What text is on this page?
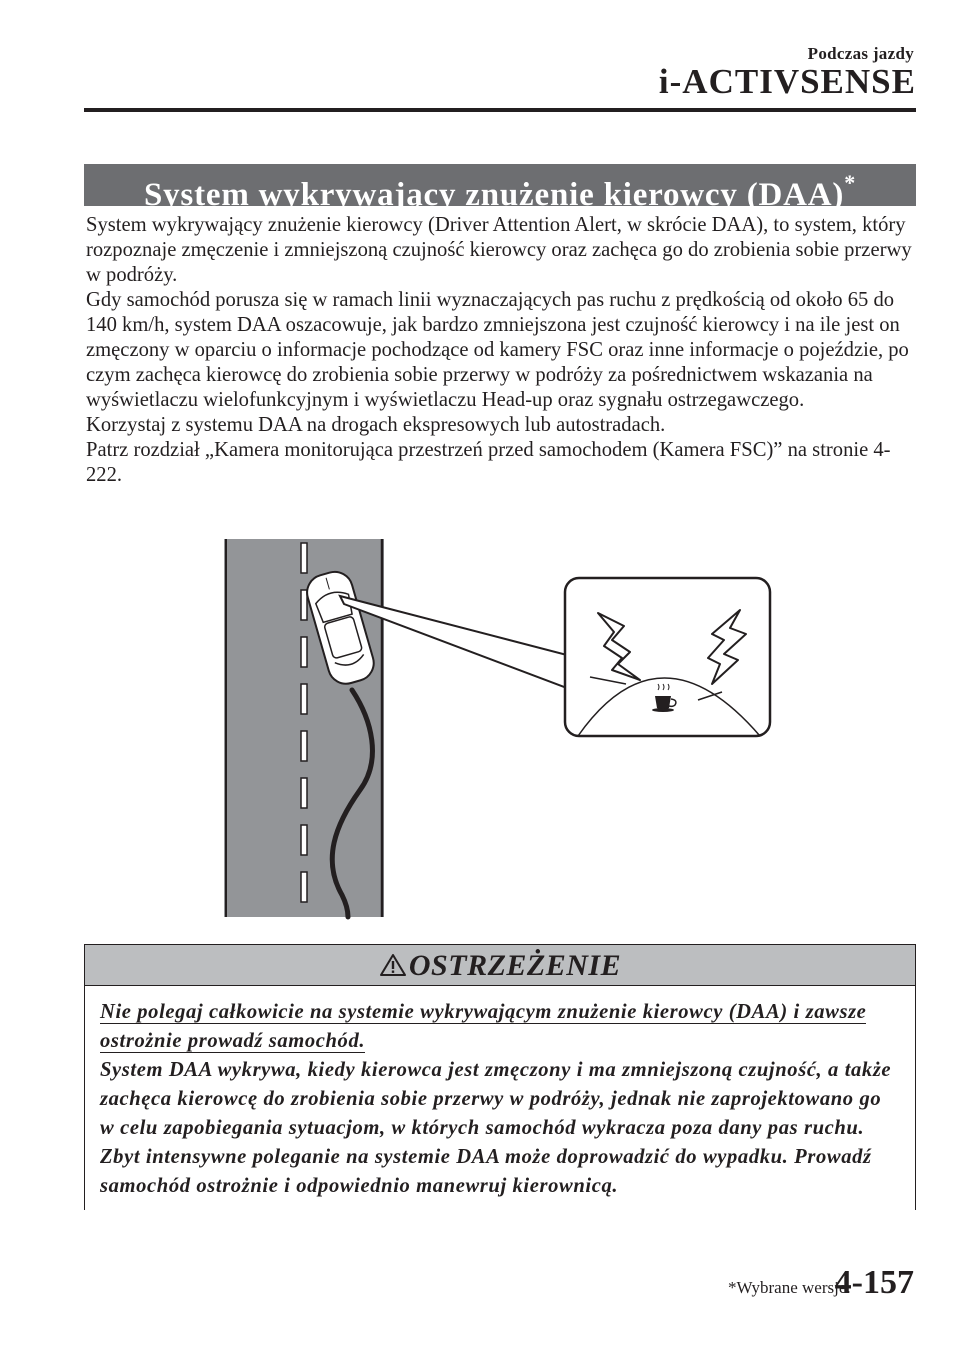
Podczas jazdy
i-ACTIVSENSE
System wykrywający znużenie kierowcy (DAA)*

System wykrywający znużenie kierowcy (Driver Attention Alert, w skrócie DAA), to system, który rozpoznaje zmęczenie i zmniejszoną czujność kierowcy oraz zachęca go do zrobienia sobie przerwy w podróży.

Gdy samochód porusza się w ramach linii wyznaczających pas ruchu z prędkością od około 65 do 140 km/h, system DAA oszacowuje, jak bardzo zmniejszona jest czujność kierowcy i na ile jest on zmęczony w oparciu o informacje pochodzące od kamery FSC oraz inne informacje o pojeździe, po czym zachęca kierowcę do zrobienia sobie przerwy w podróży za pośrednictwem wskazania na wyświetlaczu wielofunkcyjnym i wyświetlaczu Head-up oraz sygnału ostrzegawczego.

Korzystaj z systemu DAA na drogach ekspresowych lub autostradach.

Patrz rozdział „Kamera monitorująca przestrzeń przed samochodem (Kamera FSC)” na stronie 4-222.

OSTRZEŻENIE

Nie polegaj całkowicie na systemie wykrywającym znużenie kierowcy (DAA) i zawsze ostrożnie prowadź samochód.

System DAA wykrywa, kiedy kierowca jest zmęczony i ma zmniejszoną czujność, a także zachęca kierowcę do zrobienia sobie przerwy w podróży, jednak nie zaprojektowano go w celu zapobiegania sytuacjom, w których samochód wykracza poza dany pas ruchu. Zbyt intensywne poleganie na systemie DAA może doprowadzić do wypadku. Prowadź samochód ostrożnie i odpowiednio manewruj kierownicą.

*Wybrane wersje.
4-157
